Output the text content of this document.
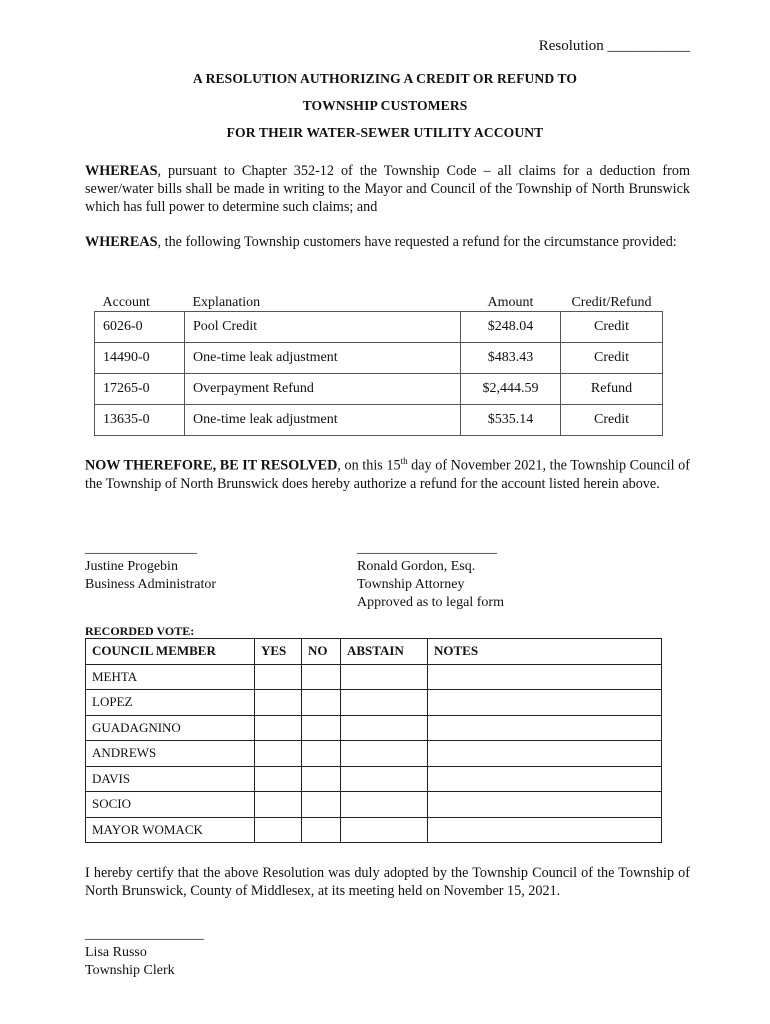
Resolution ___________
A RESOLUTION AUTHORIZING A CREDIT OR REFUND TO
TOWNSHIP CUSTOMERS
FOR THEIR WATER-SEWER UTILITY ACCOUNT
WHEREAS, pursuant to Chapter 352-12 of the Township Code – all claims for a deduction from sewer/water bills shall be made in writing to the Mayor and Council of the Township of North Brunswick which has full power to determine such claims; and
WHEREAS, the following Township customers have requested a refund for the circumstance provided:
Account	Explanation	Amount	Credit/Refund
6026-0	Pool Credit	$248.04	Credit
14490-0	One-time leak adjustment	$483.43	Credit
17265-0	Overpayment Refund	$2,444.59	Refund
13635-0	One-time leak adjustment	$535.14	Credit
NOW THEREFORE, BE IT RESOLVED, on this 15th day of November 2021, the Township Council of the Township of North Brunswick does hereby authorize a refund for the account listed herein above.
________________
Justine Progebin
Business Administrator
____________________
Ronald Gordon, Esq.
Township Attorney
Approved as to legal form
RECORDED VOTE:
COUNCIL MEMBER	YES	NO	ABSTAIN	NOTES
MEHTA				
LOPEZ				
GUADAGNINO				
ANDREWS				
DAVIS				
SOCIO				
MAYOR WOMACK				
I hereby certify that the above Resolution was duly adopted by the Township Council of the Township of North Brunswick, County of Middlesex, at its meeting held on November 15, 2021.
_________________
Lisa Russo
Township Clerk
